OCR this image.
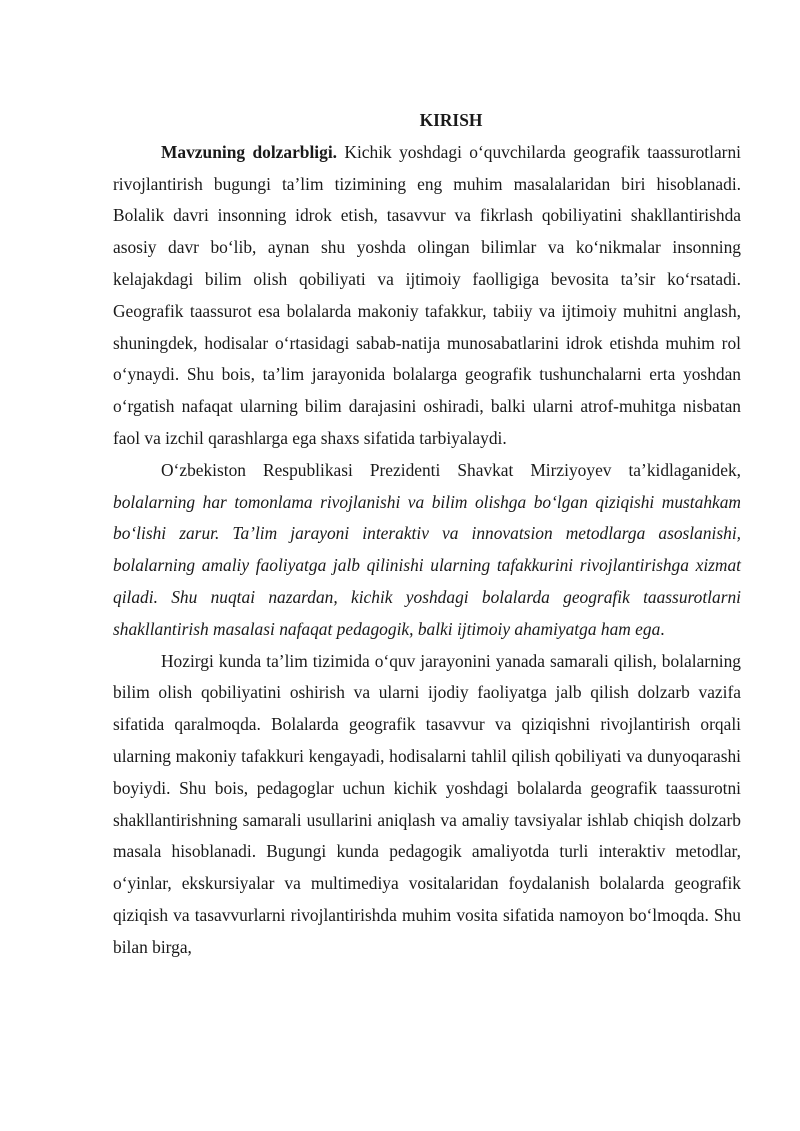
KIRISH

Mavzuning dolzarbligi. Kichik yoshdagi o‘quvchilarda geografik taassurotlarni rivojlantirish bugungi ta’lim tizimining eng muhim masalalaridan biri hisoblanadi. Bolalik davri insonning idrok etish, tasavvur va fikrlash qobiliyatini shakllantirishda asosiy davr bo‘lib, aynan shu yoshda olingan bilimlar va ko‘nikmalar insonning kelajakdagi bilim olish qobiliyati va ijtimoiy faolligiga bevosita ta’sir ko‘rsatadi. Geografik taassurot esa bolalarda makoniy tafakkur, tabiiy va ijtimoiy muhitni anglash, shuningdek, hodisalar o‘rtasidagi sabab-natija munosabatlarini idrok etishda muhim rol o‘ynaydi. Shu bois, ta’lim jarayonida bolalarga geografik tushunchalarni erta yoshdan o‘rgatish nafaqat ularning bilim darajasini oshiradi, balki ularni atrof-muhitga nisbatan faol va izchil qarashlarga ega shaxs sifatida tarbiyalaydi.

O‘zbekiston Respublikasi Prezidenti Shavkat Mirziyoyev ta’kidlaganidek, bolalarning har tomonlama rivojlanishi va bilim olishga bo‘lgan qiziqishi mustahkam bo‘lishi zarur. Ta’lim jarayoni interaktiv va innovatsion metodlarga asoslanishi, bolalarning amaliy faoliyatga jalb qilinishi ularning tafakkurini rivojlantirishga xizmat qiladi. Shu nuqtai nazardan, kichik yoshdagi bolalarda geografik taassurotlarni shakllantirish masalasi nafaqat pedagogik, balki ijtimoiy ahamiyatga ham ega.

Hozirgi kunda ta’lim tizimida o‘quv jarayonini yanada samarali qilish, bolalarning bilim olish qobiliyatini oshirish va ularni ijodiy faoliyatga jalb qilish dolzarb vazifa sifatida qaralmoqda. Bolalarda geografik tasavvur va qiziqishni rivojlantirish orqali ularning makoniy tafakkuri kengayadi, hodisalarni tahlil qilish qobiliyati va dunyoqarashi boyiydi. Shu bois, pedagoglar uchun kichik yoshdagi bolalarda geografik taassurotni shakllantirishning samarali usullarini aniqlash va amaliy tavsiyalar ishlab chiqish dolzarb masala hisoblanadi. Bugungi kunda pedagogik amaliyotda turli interaktiv metodlar, o‘yinlar, ekskursiyalar va multimediya vositalaridan foydalanish bolalarda geografik qiziqish va tasavvurlarni rivojlantirishda muhim vosita sifatida namoyon bo‘lmoqda. Shu bilan birga,
